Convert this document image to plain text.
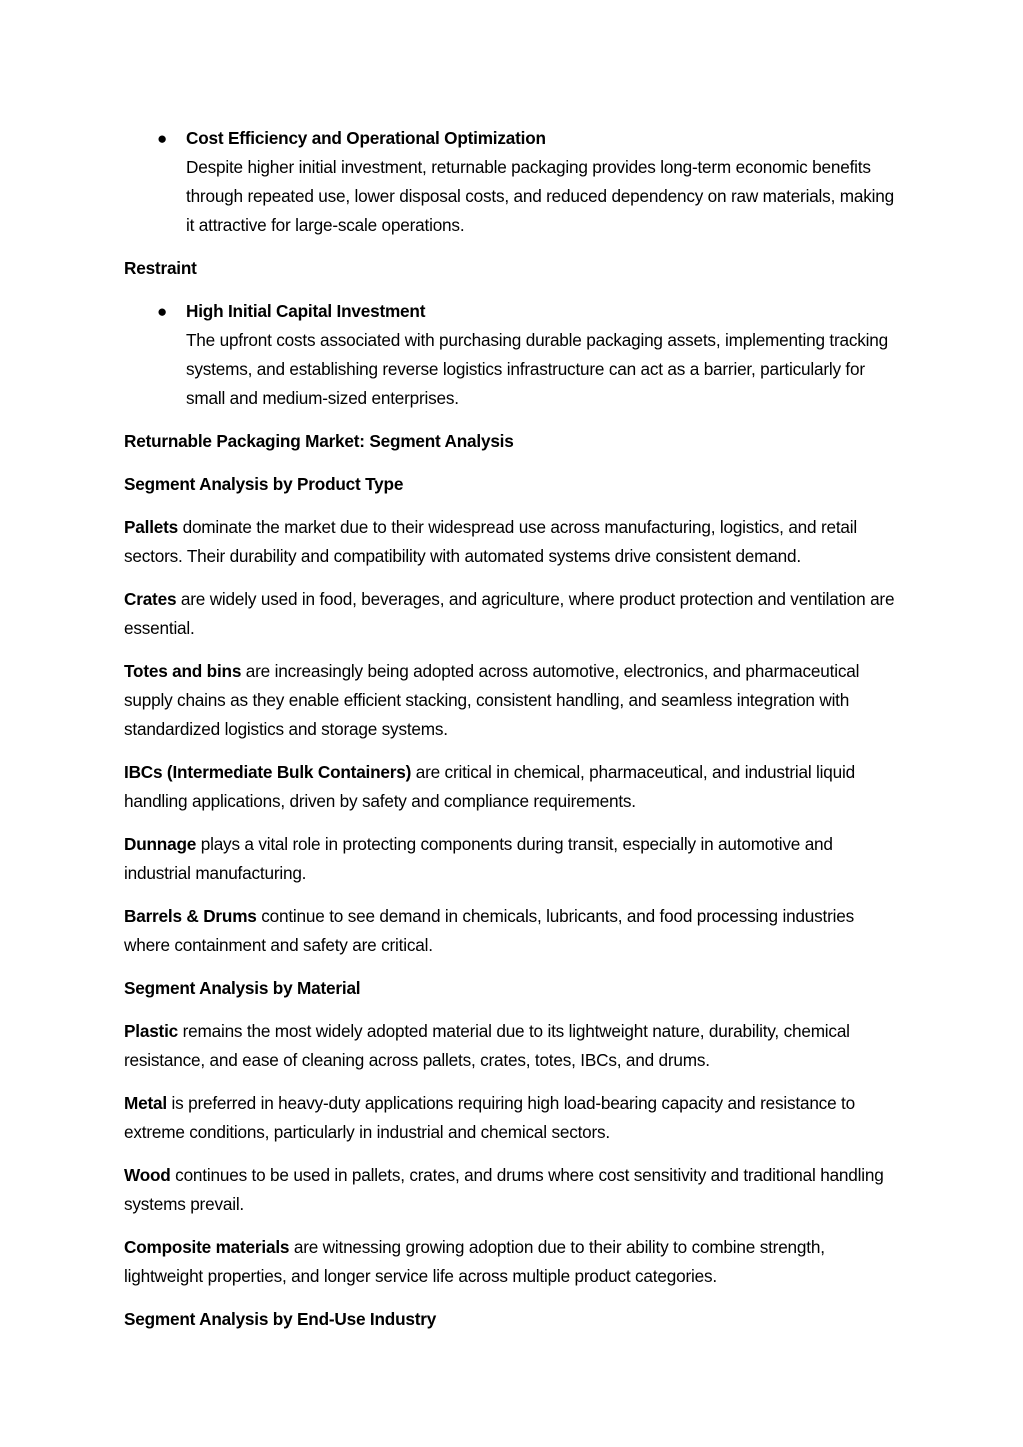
● Cost Efficiency and Operational Optimization
Despite higher initial investment, returnable packaging provides long-term economic benefits through repeated use, lower disposal costs, and reduced dependency on raw materials, making it attractive for large-scale operations.

Restraint

● High Initial Capital Investment
The upfront costs associated with purchasing durable packaging assets, implementing tracking systems, and establishing reverse logistics infrastructure can act as a barrier, particularly for small and medium-sized enterprises.

Returnable Packaging Market: Segment Analysis

Segment Analysis by Product Type

Pallets dominate the market due to their widespread use across manufacturing, logistics, and retail sectors. Their durability and compatibility with automated systems drive consistent demand.

Crates are widely used in food, beverages, and agriculture, where product protection and ventilation are essential.

Totes and bins are increasingly being adopted across automotive, electronics, and pharmaceutical supply chains as they enable efficient stacking, consistent handling, and seamless integration with standardized logistics and storage systems.

IBCs (Intermediate Bulk Containers) are critical in chemical, pharmaceutical, and industrial liquid handling applications, driven by safety and compliance requirements.

Dunnage plays a vital role in protecting components during transit, especially in automotive and industrial manufacturing.

Barrels & Drums continue to see demand in chemicals, lubricants, and food processing industries where containment and safety are critical.

Segment Analysis by Material

Plastic remains the most widely adopted material due to its lightweight nature, durability, chemical resistance, and ease of cleaning across pallets, crates, totes, IBCs, and drums.

Metal is preferred in heavy-duty applications requiring high load-bearing capacity and resistance to extreme conditions, particularly in industrial and chemical sectors.

Wood continues to be used in pallets, crates, and drums where cost sensitivity and traditional handling systems prevail.

Composite materials are witnessing growing adoption due to their ability to combine strength, lightweight properties, and longer service life across multiple product categories.

Segment Analysis by End-Use Industry
